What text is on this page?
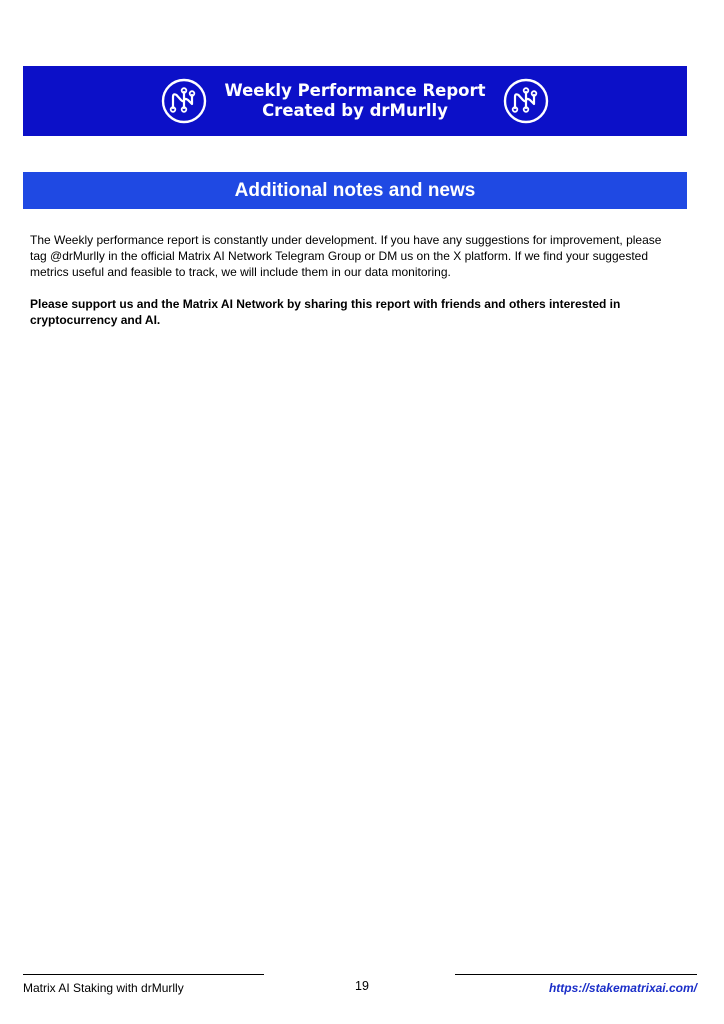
Weekly Performance Report
Created by drMurlly
Additional notes and news

The Weekly performance report is constantly under development. If you have any suggestions for improvement, please tag @drMurlly in the official Matrix AI Network Telegram Group or DM us on the X platform. If we find your suggested metrics useful and feasible to track, we will include them in our data monitoring.

Please support us and the Matrix AI Network by sharing this report with friends and others interested in cryptocurrency and AI.

Matrix AI Staking with drMurlly	19	https://stakematrixai.com/
